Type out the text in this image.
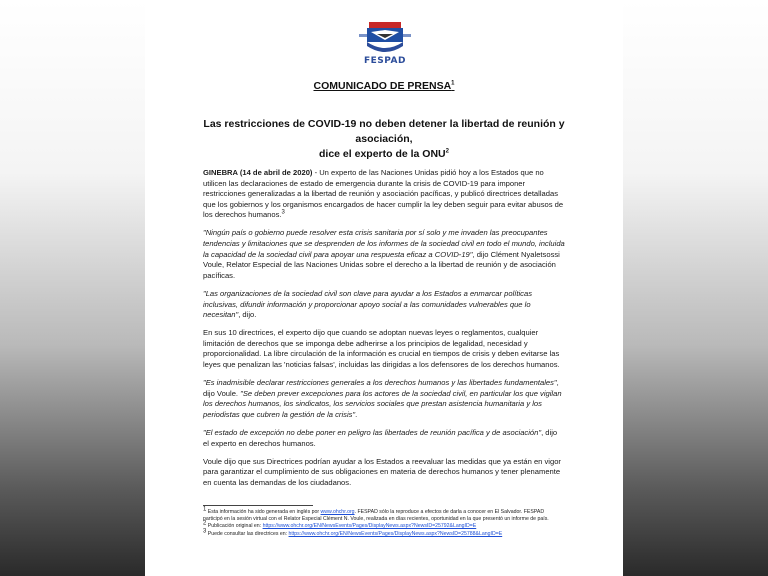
FESPAD
COMUNICADO DE PRENSA$^1$
Las restricciones de COVID-19 no deben detener la libertad de reunión y asociación,
dice el experto de la ONU$^2$

GINEBRA (14 de abril de 2020) - Un experto de las Naciones Unidas pidió hoy a los Estados que no utilicen las declaraciones de estado de emergencia durante la crisis de COVID-19 para imponer restricciones generalizadas a la libertad de reunión y asociación pacíficas, y publicó directrices detalladas que los gobiernos y los organismos encargados de hacer cumplir la ley deben seguir para evitar abusos de los derechos humanos.$^3$

"Ningún país o gobierno puede resolver esta crisis sanitaria por sí solo y me invaden las preocupantes tendencias y limitaciones que se desprenden de los informes de la sociedad civil en todo el mundo, incluida la capacidad de la sociedad civil para apoyar una respuesta eficaz a COVID-19", dijo Clément Nyaletsossi Voule, Relator Especial de las Naciones Unidas sobre el derecho a la libertad de reunión y de asociación pacíficas.

"Las organizaciones de la sociedad civil son clave para ayudar a los Estados a enmarcar políticas inclusivas, difundir información y proporcionar apoyo social a las comunidades vulnerables que lo necesitan", dijo.

En sus 10 directrices, el experto dijo que cuando se adoptan nuevas leyes o reglamentos, cualquier limitación de derechos que se imponga debe adherirse a los principios de legalidad, necesidad y proporcionalidad. La libre circulación de la información es crucial en tiempos de crisis y deben evitarse las leyes que penalizan las 'noticias falsas', incluidas las dirigidas a los defensores de los derechos humanos.

"Es inadmisible declarar restricciones generales a los derechos humanos y las libertades fundamentales", dijo Voule. "Se deben prever excepciones para los actores de la sociedad civil, en particular los que vigilan los derechos humanos, los sindicatos, los servicios sociales que prestan asistencia humanitaria y los periodistas que cubren la gestión de la crisis".

"El estado de excepción no debe poner en peligro las libertades de reunión pacífica y de asociación", dijo el experto en derechos humanos.

Voule dijo que sus Directrices podrían ayudar a los Estados a reevaluar las medidas que ya están en vigor para garantizar el cumplimiento de sus obligaciones en materia de derechos humanos y tener plenamente en cuenta las demandas de los ciudadanos.

1 Esta información ha sido generada en inglés por www.ohchr.org. FESPAD sólo la reproduce a efectos de darla a conocer en El Salvador. FESPAD participó en la sesión virtual con el Relator Especial Clément N. Voule, realizada en días recientes, oportunidad en la que presentó un informe de país.

2 Publicación original en: https://www.ohchr.org/EN/NewsEvents/Pages/DisplayNews.aspx?NewsID=25792&LangID=E

3 Puede consultar las directrices en: https://www.ohchr.org/EN/NewsEvents/Pages/DisplayNews.aspx?NewsID=25788&LangID=E
